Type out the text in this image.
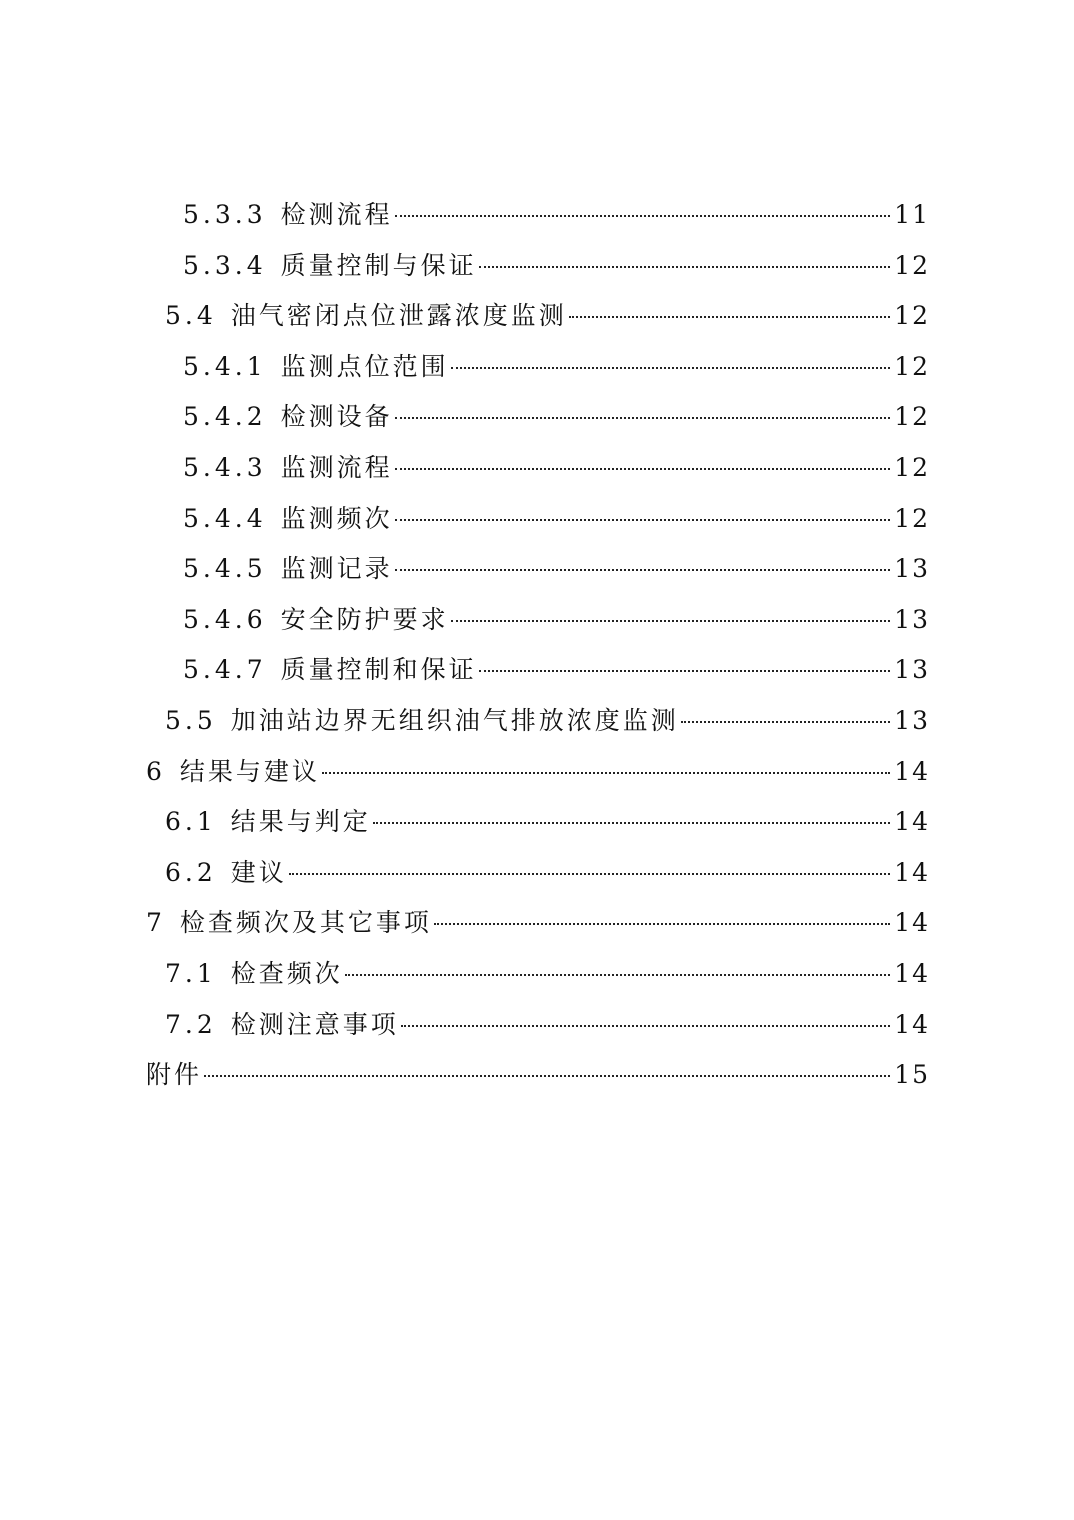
5.3.3 检测流程	11
5.3.4 质量控制与保证	12
5.4 油气密闭点位泄露浓度监测	12
5.4.1 监测点位范围	12
5.4.2 检测设备	12
5.4.3 监测流程	12
5.4.4 监测频次	12
5.4.5 监测记录	13
5.4.6 安全防护要求	13
5.4.7 质量控制和保证	13
5.5 加油站边界无组织油气排放浓度监测	13
6 结果与建议	14
6.1 结果与判定	14
6.2 建议	14
7 检查频次及其它事项	14
7.1 检查频次	14
7.2 检测注意事项	14
附件	15
